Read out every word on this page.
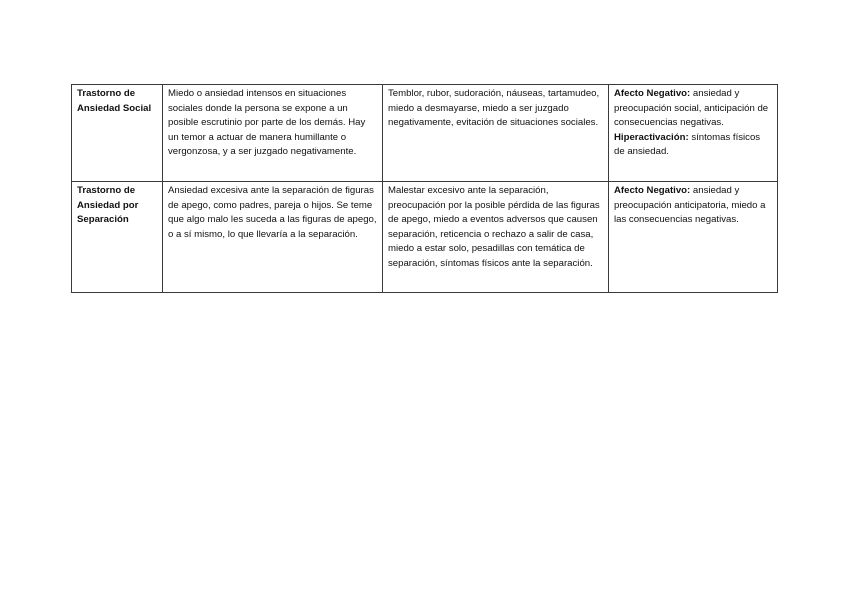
Trastorno de Ansiedad Social	Miedo o ansiedad intensos en situaciones sociales donde la persona se expone a un posible escrutinio por parte de los demás. Hay un temor a actuar de manera humillante o vergonzosa, y a ser juzgado negativamente.	Temblor, rubor, sudoración, náuseas, tartamudeo, miedo a desmayarse, miedo a ser juzgado negativamente, evitación de situaciones sociales.	Afecto Negativo: ansiedad y preocupación social, anticipación de consecuencias negativas. Hiperactivación: síntomas físicos de ansiedad.
Trastorno de Ansiedad por Separación	Ansiedad excesiva ante la separación de figuras de apego, como padres, pareja o hijos. Se teme que algo malo les suceda a las figuras de apego, o a sí mismo, lo que llevaría a la separación.	Malestar excesivo ante la separación, preocupación por la posible pérdida de las figuras de apego, miedo a eventos adversos que causen separación, reticencia o rechazo a salir de casa, miedo a estar solo, pesadillas con temática de separación, síntomas físicos ante la separación.	Afecto Negativo: ansiedad y preocupación anticipatoria, miedo a las consecuencias negativas.
